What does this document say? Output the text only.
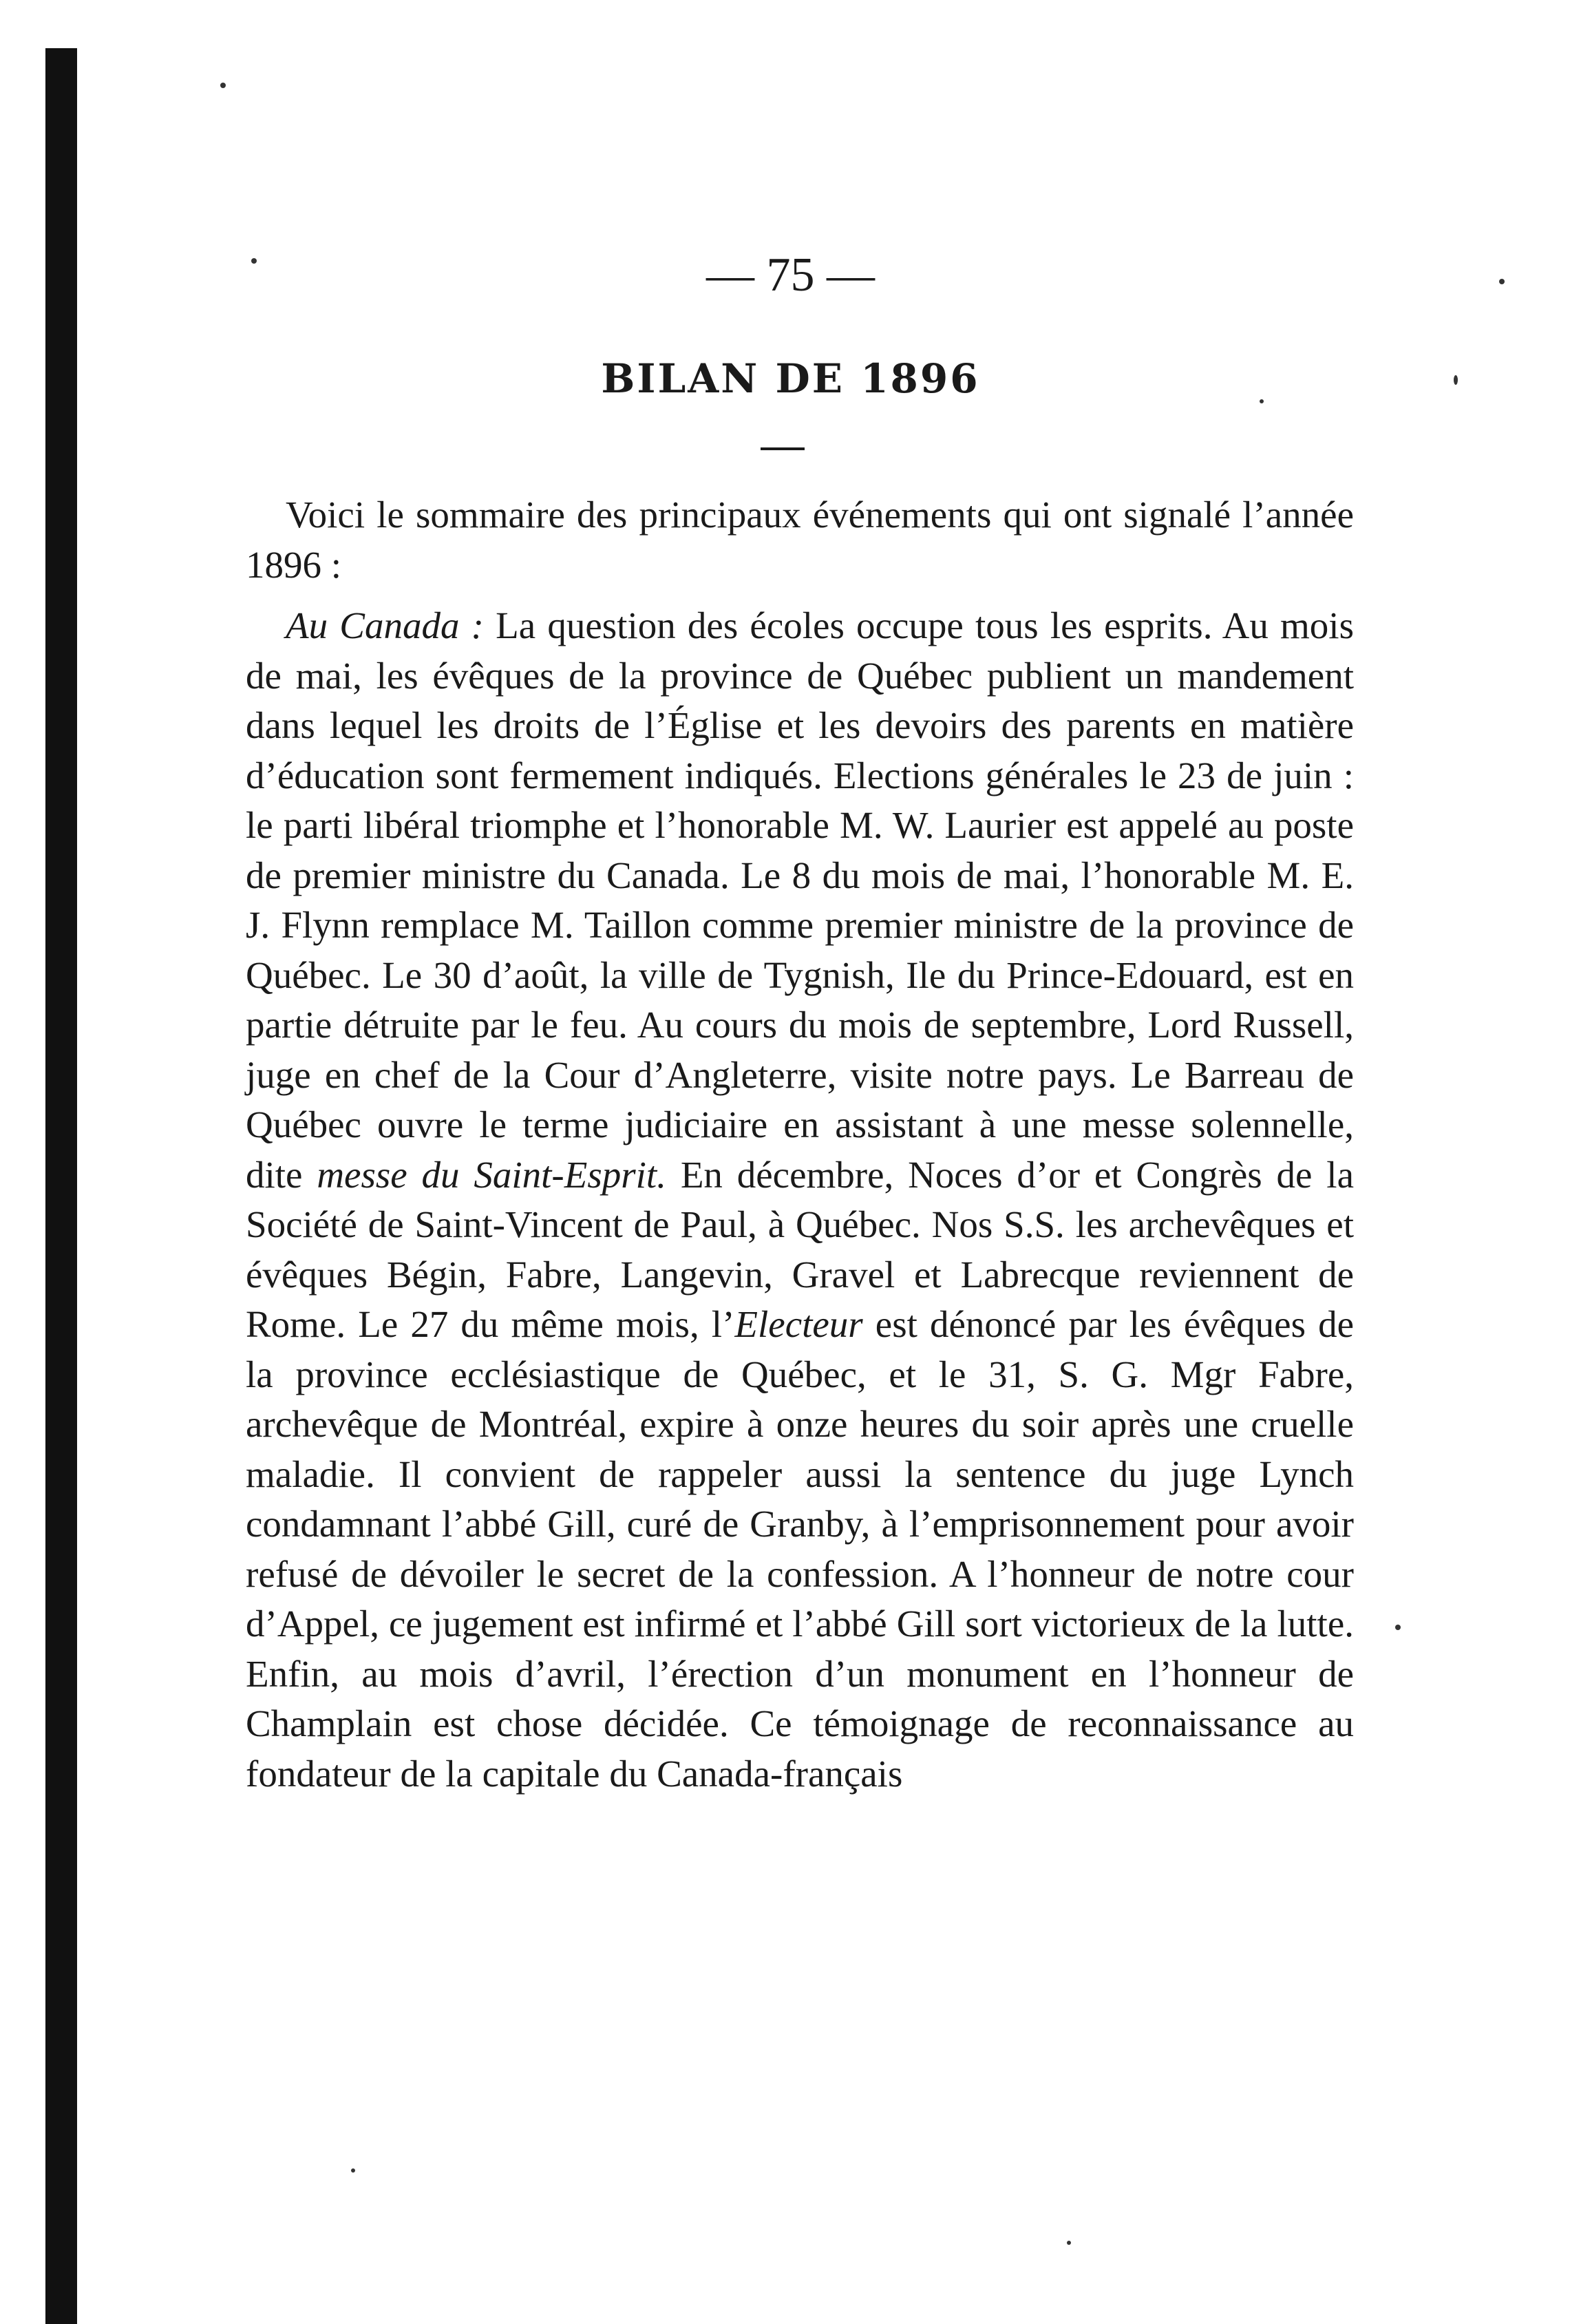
— 75 —
BILAN DE 1896

Voici le sommaire des principaux événements qui ont signalé l’année 1896 :

Au Canada : La question des écoles occupe tous les esprits. Au mois de mai, les évêques de la province de Québec publient un mandement dans lequel les droits de l’Église et les devoirs des parents en matière d’éducation sont fermement indiqués. Elections générales le 23 de juin : le parti libéral triomphe et l’honorable M. W. Laurier est appelé au poste de premier ministre du Canada. Le 8 du mois de mai, l’honorable M. E. J. Flynn remplace M. Taillon comme premier ministre de la province de Québec. Le 30 d’août, la ville de Tygnish, Ile du Prince-Edouard, est en partie détruite par le feu. Au cours du mois de septembre, Lord Russell, juge en chef de la Cour d’Angleterre, visite notre pays. Le Barreau de Québec ouvre le terme judiciaire en assistant à une messe solennelle, dite messe du Saint-Esprit. En décembre, Noces d’or et Congrès de la Société de Saint-Vincent de Paul, à Québec. Nos S.S. les archevêques et évêques Bégin, Fabre, Langevin, Gravel et Labrecque reviennent de Rome. Le 27 du même mois, l’Electeur est dénoncé par les évêques de la province ecclésiastique de Québec, et le 31, S. G. Mgr Fabre, archevêque de Montréal, expire à onze heures du soir après une cruelle maladie. Il convient de rappeler aussi la sentence du juge Lynch condamnant l’abbé Gill, curé de Granby, à l’emprisonnement pour avoir refusé de dévoiler le secret de la confession. A l’honneur de notre cour d’Appel, ce jugement est infirmé et l’abbé Gill sort victorieux de la lutte. Enfin, au mois d’avril, l’érection d’un monument en l’honneur de Champlain est chose décidée. Ce témoignage de reconnaissance au fondateur de la capitale du Canada-français
